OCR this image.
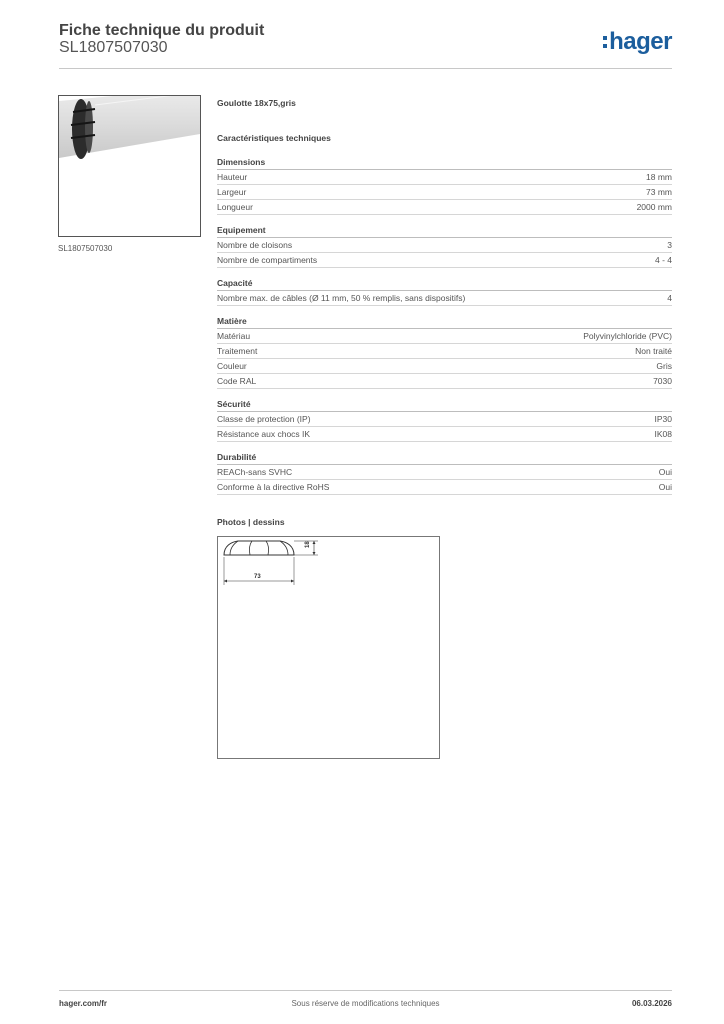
Fiche technique du produit
SL1807507030	hager
SL1807507030
Goulotte 18x75,gris
Caractéristiques techniques
Dimensions
Hauteur	18 mm
Largeur	73 mm
Longueur	2000 mm
Equipement
Nombre de cloisons	3
Nombre de compartiments	4 - 4
Capacité
Nombre max. de câbles (Ø 11 mm, 50 % remplis, sans dispositifs)	4
Matière
Matériau	Polyvinylchloride (PVC)
Traitement	Non traité
Couleur	Gris
Code RAL	7030
Sécurité
Classe de protection (IP)	IP30
Résistance aux chocs IK	IK08
Durabilité
REACh-sans SVHC	Oui
Conforme à la directive RoHS	Oui
Photos | dessins
18
73
hager.com/fr	Sous réserve de modifications techniques	06.03.2026
